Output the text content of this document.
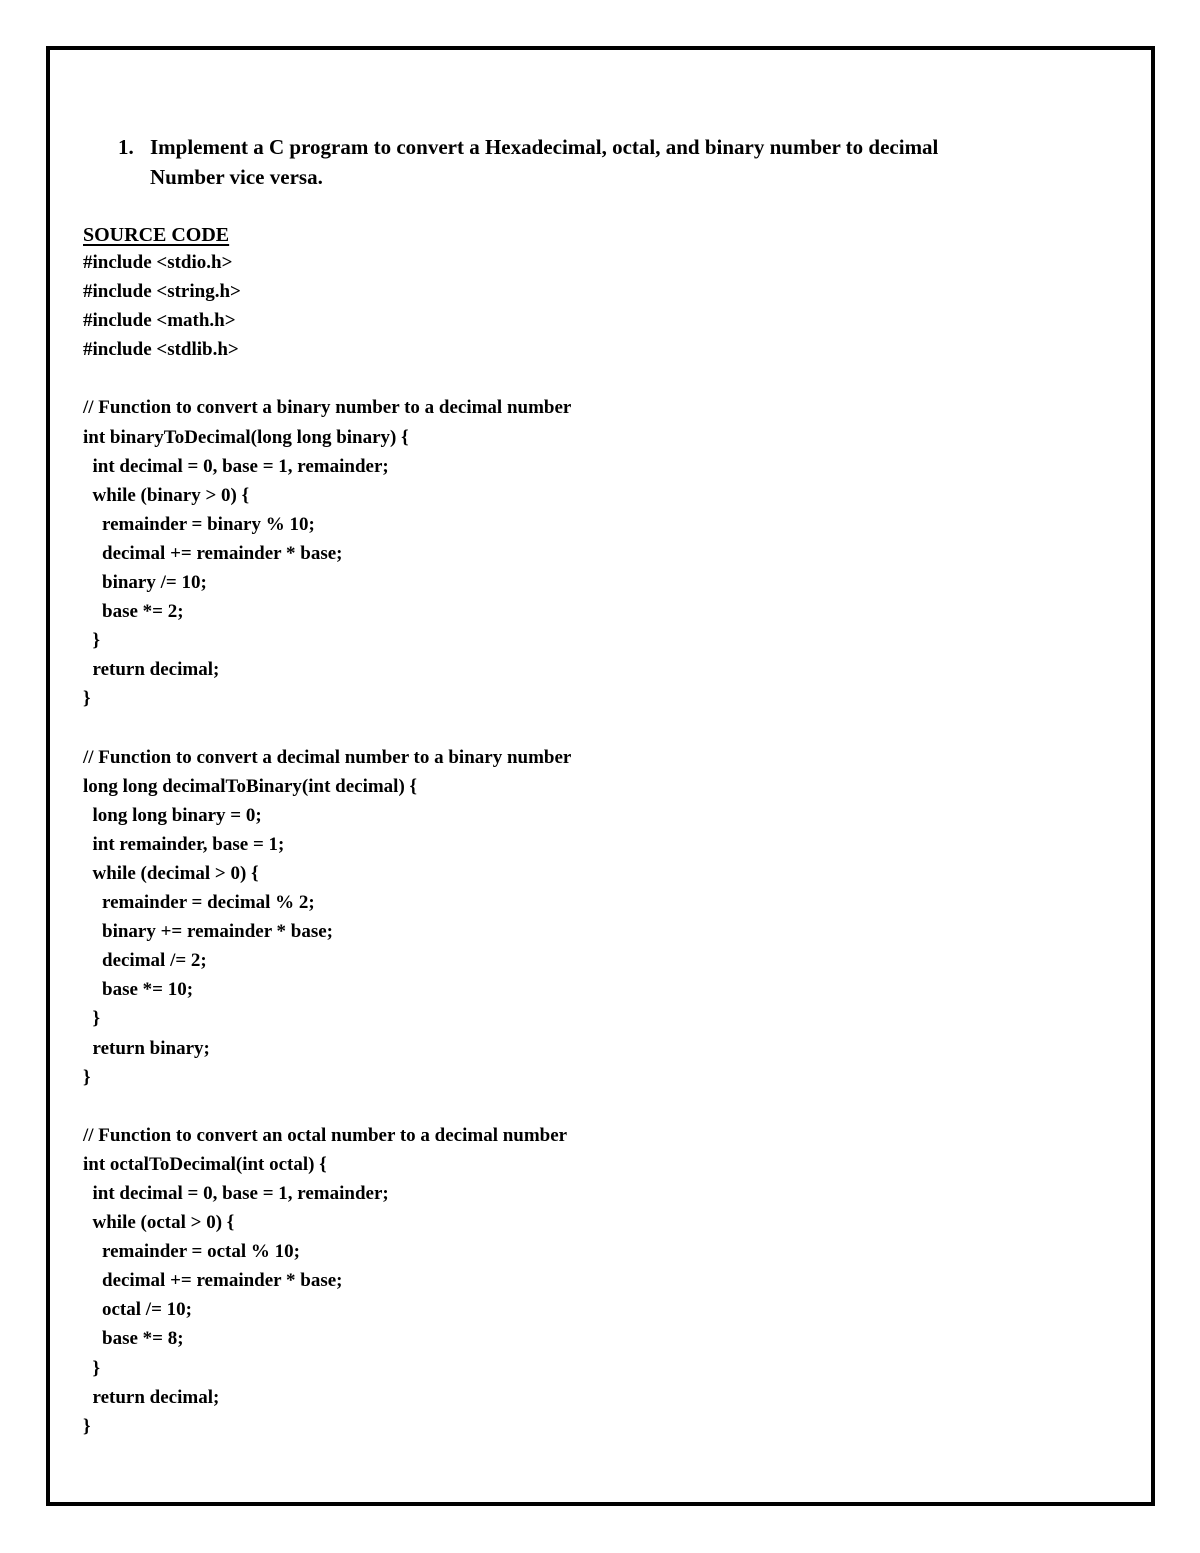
1. Implement a C program to convert a Hexadecimal, octal, and binary number to decimal
Number vice versa.
SOURCE CODE
#include <stdio.h>
#include <string.h>
#include <math.h>
#include <stdlib.h>
// Function to convert a binary number to a decimal number
int binaryToDecimal(long long binary) {
int decimal = 0, base = 1, remainder;
while (binary > 0) {
remainder = binary % 10;
decimal += remainder * base;
binary /= 10;
base *= 2;
}
return decimal;
}
// Function to convert a decimal number to a binary number
long long decimalToBinary(int decimal) {
long long binary = 0;
int remainder, base = 1;
while (decimal > 0) {
remainder = decimal % 2;
binary += remainder * base;
decimal /= 2;
base *= 10;
}
return binary;
}
// Function to convert an octal number to a decimal number
int octalToDecimal(int octal) {
int decimal = 0, base = 1, remainder;
while (octal > 0) {
remainder = octal % 10;
decimal += remainder * base;
octal /= 10;
base *= 8;
}
return decimal;
}
